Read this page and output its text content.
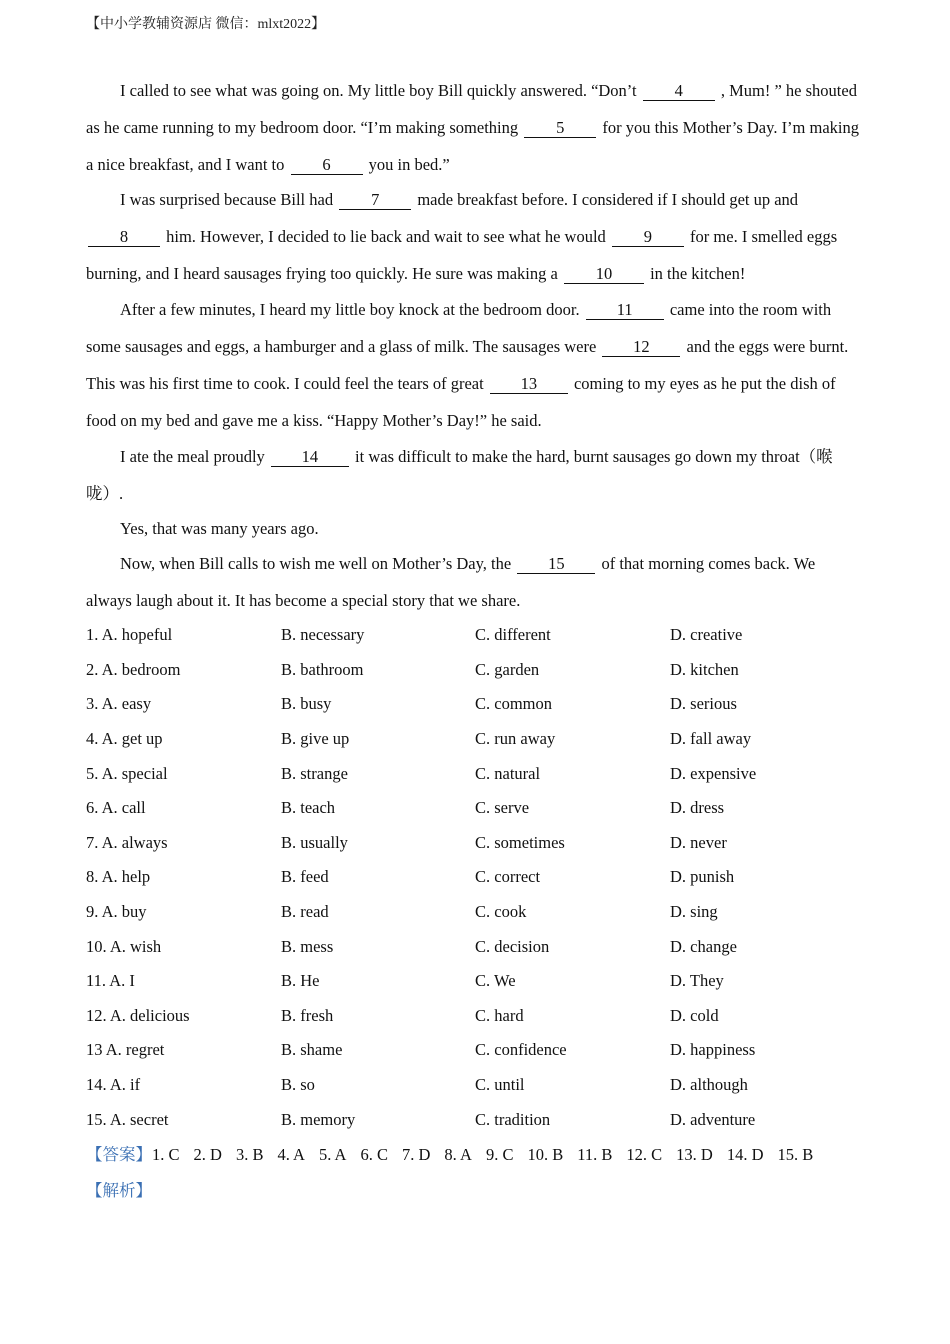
【中小学教辅资源店 微信：mlxt2022】
I called to see what was going on. My little boy Bill quickly answered. “Don’t 4 , Mum! ” he shouted as he came running to my bedroom door. “I’m making something 5 for you this Mother’s Day. I’m making a nice breakfast, and I want to 6 you in bed.”
I was surprised because Bill had 7 made breakfast before. I considered if I should get up and 8 him. However, I decided to lie back and wait to see what he would 9 for me. I smelled eggs burning, and I heard sausages frying too quickly. He sure was making a 10 in the kitchen!
After a few minutes, I heard my little boy knock at the bedroom door. 11 came into the room with some sausages and eggs, a hamburger and a glass of milk. The sausages were 12 and the eggs were burnt. This was his first time to cook. I could feel the tears of great 13 coming to my eyes as he put the dish of food on my bed and gave me a kiss. “Happy Mother’s Day!” he said.
I ate the meal proudly 14 it was difficult to make the hard, burnt sausages go down my throat（喉咙）.
Yes, that was many years ago.
Now, when Bill calls to wish me well on Mother’s Day, the 15 of that morning comes back. We always laugh about it. It has become a special story that we share.
1. A. hopeful	B. necessary	C. different	D. creative
2. A. bedroom	B. bathroom	C. garden	D. kitchen
3. A. easy	B. busy	C. common	D. serious
4. A. get up	B. give up	C. run away	D. fall away
5. A. special	B. strange	C. natural	D. expensive
6. A. call	B. teach	C. serve	D. dress
7. A. always	B. usually	C. sometimes	D. never
8. A. help	B. feed	C. correct	D. punish
9. A. buy	B. read	C. cook	D. sing
10. A. wish	B. mess	C. decision	D. change
11. A. I	B. He	C. We	D. They
12. A. delicious	B. fresh	C. hard	D. cold
13 A. regret	B. shame	C. confidence	D. happiness
14. A. if	B. so	C. until	D. although
15. A. secret	B. memory	C. tradition	D. adventure
【答案】1. C 2. D 3. B 4. A 5. A 6. C 7. D 8. A 9. C 10. B 11. B 12. C 13. D 14. D 15. B
【解析】
